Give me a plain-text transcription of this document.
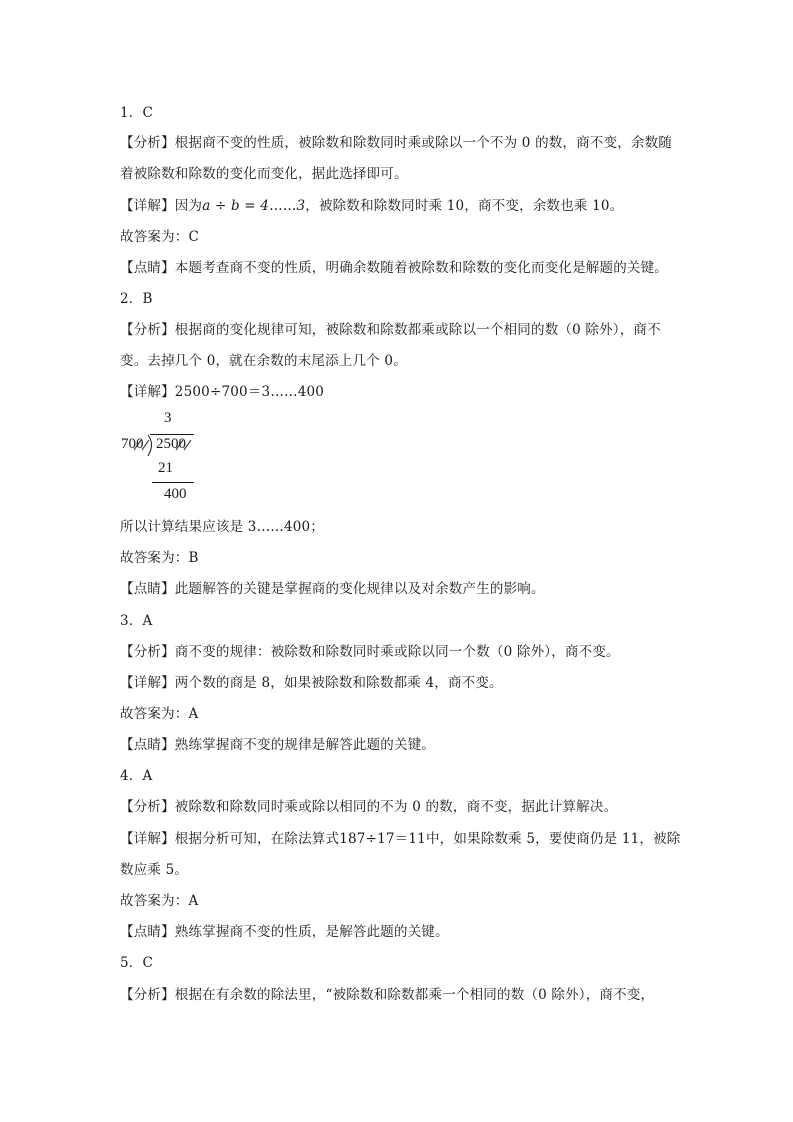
1．C
【分析】根据商不变的性质，被除数和除数同时乘或除以一个不为 0 的数，商不变，余数随
着被除数和除数的变化而变化，据此选择即可。
【详解】因为a ÷ b = 4……3，被除数和除数同时乘 10，商不变，余数也乘 10。
故答案为：C
【点睛】本题考查商不变的性质，明确余数随着被除数和除数的变化而变化是解题的关键。
2．B
【分析】根据商的变化规律可知，被除数和除数都乘或除以一个相同的数（0 除外），商不
变。去掉几个 0，就在余数的末尾添上几个 0。
【详解】2500÷700＝3……400
3
700 2500
21
400
所以计算结果应该是 3……400；
故答案为：B
【点睛】此题解答的关键是掌握商的变化规律以及对余数产生的影响。
3．A
【分析】商不变的规律：被除数和除数同时乘或除以同一个数（0 除外），商不变。
【详解】两个数的商是 8，如果被除数和除数都乘 4，商不变。
故答案为：A
【点睛】熟练掌握商不变的规律是解答此题的关键。
4．A
【分析】被除数和除数同时乘或除以相同的不为 0 的数，商不变，据此计算解决。
【详解】根据分析可知，在除法算式187÷17＝11中，如果除数乘 5，要使商仍是 11，被除
数应乘 5。
故答案为：A
【点睛】熟练掌握商不变的性质，是解答此题的关键。
5．C
【分析】根据在有余数的除法里，“被除数和除数都乘一个相同的数（0 除外），商不变，
